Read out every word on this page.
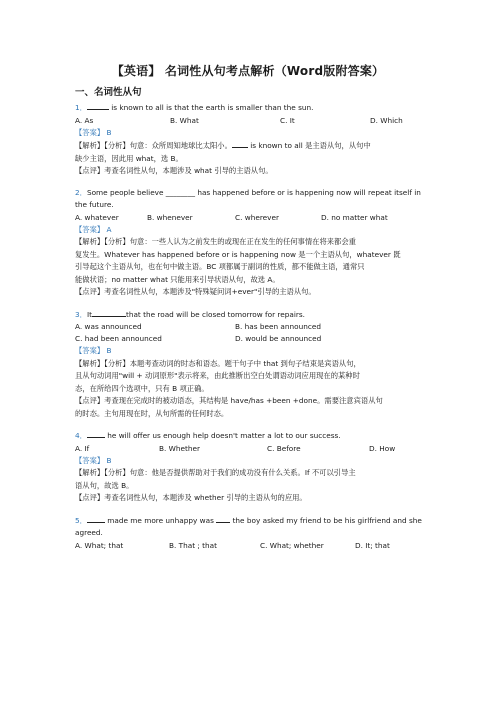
【英语】 名词性从句考点解析（Word版附答案）
一、名词性从句

1．	is known to all is that the earth is smaller than the sun.

A. As	B. What	C. It	D. Which

【答案】 B

【解析】【分析】句意：众所周知地球比太阳小。 is known to all 是主语从句，从句中
缺少主语，因此用 what，选 B。

【点评】考查名词性从句，本题涉及 what 引导的主语从句。

2．Some people believe ________ has happened before or is happening now will repeat itself in
the future.

A. whatever	B. whenever	C. wherever	D. no matter what

【答案】 A

【解析】【分析】句意：一些人认为之前发生的或现在正在发生的任何事情在将来都会重
复发生。Whatever has happened before or is happening now 是一个主语从句，whatever 既
引导起这个主语从句，也在句中做主语。BC 项都属于副词的性质，都不能做主语，通常只
能做状语；no matter what 只能用来引导状语从句，故选 A。

【点评】考查名词性从句，本题涉及"特殊疑问词+ever"引导的主语从句。

3．It	that the road will be closed tomorrow for repairs.

A. was announced	B. has been announced
C. had been announced	D. would be announced

【答案】 B

【解析】【分析】本题考查动词的时态和语态。题干句子中 that 到句子结束是宾语从句，
且从句动词用"will + 动词原形"表示将来，由此推断出空白处谓语动词应用现在的某种时
态，在所给四个选项中，只有 B 项正确。

【点评】考查现在完成时的被动语态，其结构是 have/has +been +done。需要注意宾语从句
的时态。主句用现在时，从句所需的任何时态。

4． he will offer us enough help doesn't matter a lot to our success.

A. If	B. Whether	C. Before	D. How

【答案】 B

【解析】【分析】句意：他是否提供帮助对于我们的成功没有什么关系。If 不可以引导主
语从句，故选 B。

【点评】考查名词性从句，本题涉及 whether 引导的主语从句的应用。

5． made me more unhappy was  the boy asked my friend to be his girlfriend and she
agreed.

A. What; that	B. That ; that	C. What; whether	D. It; that
